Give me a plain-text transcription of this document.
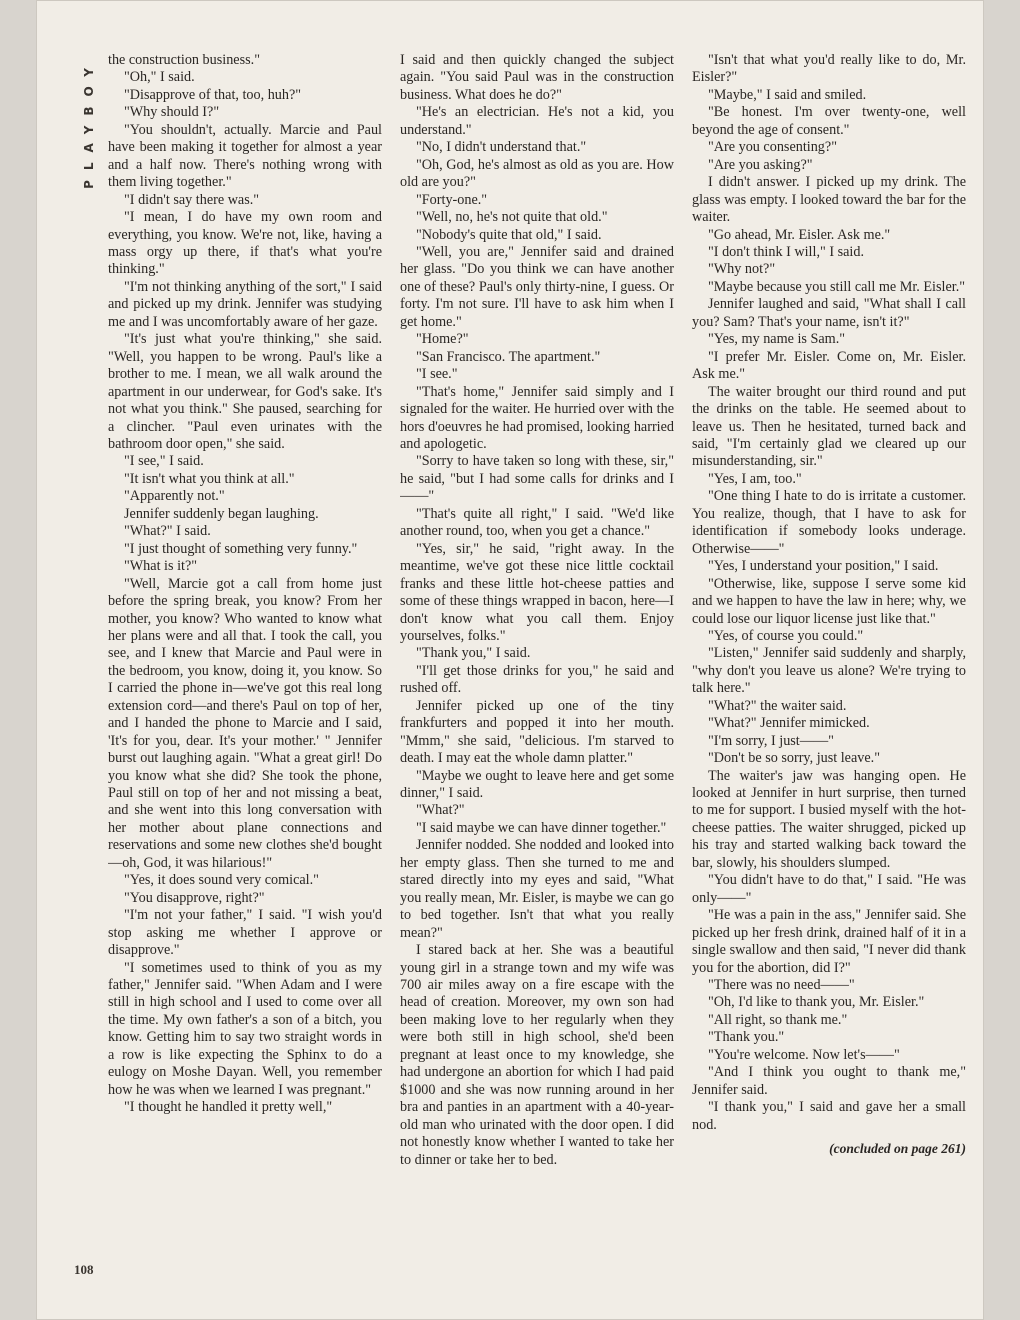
PLAYBOY the construction business."

"Oh," I said.

"Disapprove of that, too, huh?"

"Why should I?"

"You shouldn't, actually. Marcie and Paul have been making it together for almost a year and a half now. There's nothing wrong with them living together."

"I didn't say there was."

"I mean, I do have my own room and everything, you know. We're not, like, having a mass orgy up there, if that's what you're thinking."

"I'm not thinking anything of the sort," I said and picked up my drink. Jennifer was studying me and I was uncomfortably aware of her gaze.

"It's just what you're thinking," she said. "Well, you happen to be wrong. Paul's like a brother to me. I mean, we all walk around the apartment in our underwear, for God's sake. It's not what you think." She paused, searching for a clincher. "Paul even urinates with the bathroom door open," she said.

"I see," I said.

"It isn't what you think at all."

"Apparently not."

Jennifer suddenly began laughing.

"What?" I said.

"I just thought of something very funny."

"What is it?"

"Well, Marcie got a call from home just before the spring break, you know? From her mother, you know? Who wanted to know what her plans were and all that. I took the call, you see, and I knew that Marcie and Paul were in the bedroom, you know, doing it, you know. So I carried the phone in—we've got this real long extension cord—and there's Paul on top of her, and I handed the phone to Marcie and I said, 'It's for you, dear. It's your mother.' " Jennifer burst out laughing again. "What a great girl! Do you know what she did? She took the phone, Paul still on top of her and not missing a beat, and she went into this long conversation with her mother about plane connections and reservations and some new clothes she'd bought—oh, God, it was hilarious!"

"Yes, it does sound very comical."

"You disapprove, right?"

"I'm not your father," I said. "I wish you'd stop asking me whether I approve or disapprove."

"I sometimes used to think of you as my father," Jennifer said. "When Adam and I were still in high school and I used to come over all the time. My own father's a son of a bitch, you know. Getting him to say two straight words in a row is like expecting the Sphinx to do a eulogy on Moshe Dayan. Well, you remember how he was when we learned I was pregnant."

"I thought he handled it pretty well,"

I said and then quickly changed the subject again. "You said Paul was in the construction business. What does he do?"

"He's an electrician. He's not a kid, you understand."

"No, I didn't understand that."

"Oh, God, he's almost as old as you are. How old are you?"

"Forty-one."

"Well, no, he's not quite that old."

"Nobody's quite that old," I said.

"Well, you are," Jennifer said and drained her glass. "Do you think we can have another one of these? Paul's only thirty-nine, I guess. Or forty. I'm not sure. I'll have to ask him when I get home."

"Home?"

"San Francisco. The apartment."

"I see."

"That's home," Jennifer said simply and I signaled for the waiter. He hurried over with the hors d'oeuvres he had promised, looking harried and apologetic.

"Sorry to have taken so long with these, sir," he said, "but I had some calls for drinks and I——"

"That's quite all right," I said. "We'd like another round, too, when you get a chance."

"Yes, sir," he said, "right away. In the meantime, we've got these nice little cocktail franks and these little hot-cheese patties and some of these things wrapped in bacon, here—I don't know what you call them. Enjoy yourselves, folks."

"Thank you," I said.

"I'll get those drinks for you," he said and rushed off.

Jennifer picked up one of the tiny frankfurters and popped it into her mouth. "Mmm," she said, "delicious. I'm starved to death. I may eat the whole damn platter."

"Maybe we ought to leave here and get some dinner," I said.

"What?"

"I said maybe we can have dinner together."

Jennifer nodded. She nodded and looked into her empty glass. Then she turned to me and stared directly into my eyes and said, "What you really mean, Mr. Eisler, is maybe we can go to bed together. Isn't that what you really mean?"

I stared back at her. She was a beautiful young girl in a strange town and my wife was 700 air miles away on a fire escape with the head of creation. Moreover, my own son had been making love to her regularly when they were both still in high school, she'd been pregnant at least once to my knowledge, she had undergone an abortion for which I had paid $1000 and she was now running around in her bra and panties in an apartment with a 40-year-old man who urinated with the door open. I did not honestly know whether I wanted to take her to dinner or take her to bed.

"Isn't that what you'd really like to do, Mr. Eisler?"

"Maybe," I said and smiled.

"Be honest. I'm over twenty-one, well beyond the age of consent."

"Are you consenting?"

"Are you asking?"

I didn't answer. I picked up my drink. The glass was empty. I looked toward the bar for the waiter.

"Go ahead, Mr. Eisler. Ask me."

"I don't think I will," I said.

"Why not?"

"Maybe because you still call me Mr. Eisler."

Jennifer laughed and said, "What shall I call you? Sam? That's your name, isn't it?"

"Yes, my name is Sam."

"I prefer Mr. Eisler. Come on, Mr. Eisler. Ask me."

The waiter brought our third round and put the drinks on the table. He seemed about to leave us. Then he hesitated, turned back and said, "I'm certainly glad we cleared up our misunderstanding, sir."

"Yes, I am, too."

"One thing I hate to do is irritate a customer. You realize, though, that I have to ask for identification if somebody looks underage. Otherwise——"

"Yes, I understand your position," I said.

"Otherwise, like, suppose I serve some kid and we happen to have the law in here; why, we could lose our liquor license just like that."

"Yes, of course you could."

"Listen," Jennifer said suddenly and sharply, "why don't you leave us alone? We're trying to talk here."

"What?" the waiter said.

"What?" Jennifer mimicked.

"I'm sorry, I just——"

"Don't be so sorry, just leave."

The waiter's jaw was hanging open. He looked at Jennifer in hurt surprise, then turned to me for support. I busied myself with the hot-cheese patties. The waiter shrugged, picked up his tray and started walking back toward the bar, slowly, his shoulders slumped.

"You didn't have to do that," I said. "He was only——"

"He was a pain in the ass," Jennifer said. She picked up her fresh drink, drained half of it in a single swallow and then said, "I never did thank you for the abortion, did I?"

"There was no need——"

"Oh, I'd like to thank you, Mr. Eisler."

"All right, so thank me."

"Thank you."

"You're welcome. Now let's——"

"And I think you ought to thank me," Jennifer said.

"I thank you," I said and gave her a small nod.

(concluded on page 261)

108
